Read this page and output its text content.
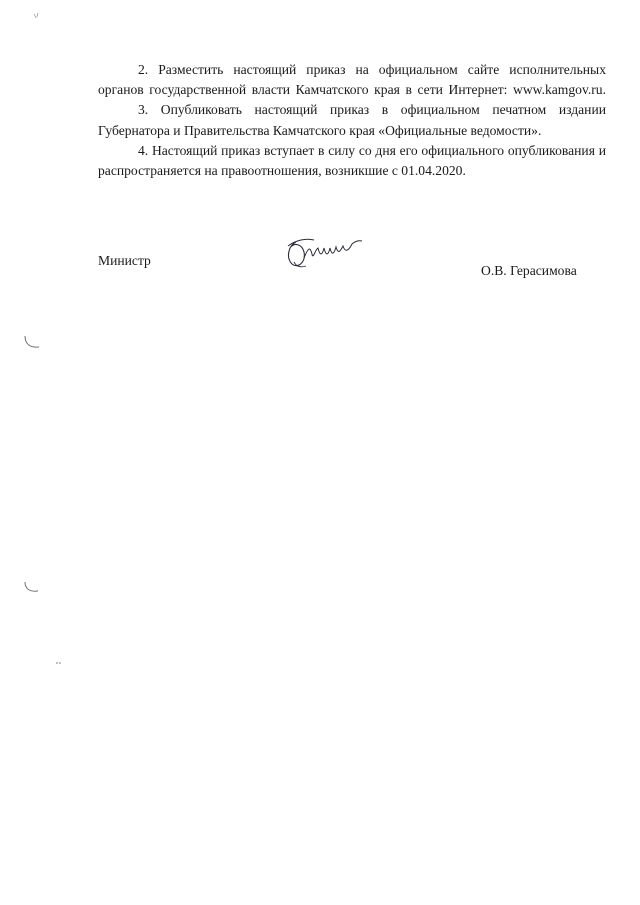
2. Разместить настоящий приказ на официальном сайте исполнительных органов государственной власти Камчатского края в сети Интернет: www.kamgov.ru.

3. Опубликовать настоящий приказ в официальном печатном издании Губернатора и Правительства Камчатского края «Официальные ведомости».

4. Настоящий приказ вступает в силу со дня его официального опубликования и распространяется на правоотношения, возникшие с 01.04.2020.

Министр
О.В. Герасимова
